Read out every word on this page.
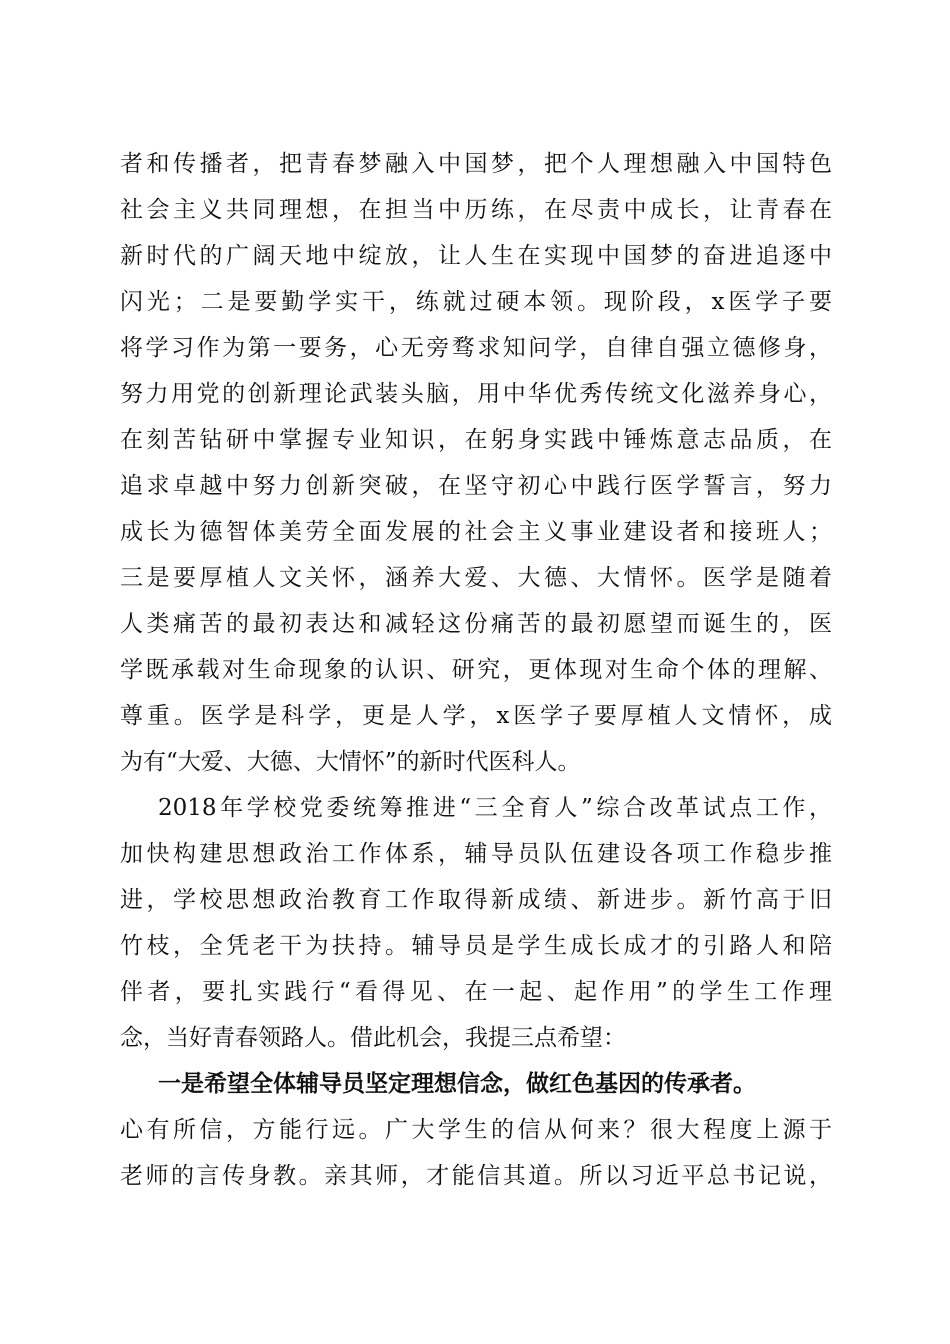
者和传播者，把青春梦融入中国梦，把个人理想融入中国特色
社会主义共同理想，在担当中历练，在尽责中成长，让青春在
新时代的广阔天地中绽放，让人生在实现中国梦的奋进追逐中
闪光；二是要勤学实干，练就过硬本领。现阶段，x医学子要
将学习作为第一要务，心无旁骛求知问学，自律自强立德修身，
努力用党的创新理论武装头脑，用中华优秀传统文化滋养身心，
在刻苦钻研中掌握专业知识，在躬身实践中锤炼意志品质，在
追求卓越中努力创新突破，在坚守初心中践行医学誓言，努力
成长为德智体美劳全面发展的社会主义事业建设者和接班人；
三是要厚植人文关怀，涵养大爱、大德、大情怀。医学是随着
人类痛苦的最初表达和减轻这份痛苦的最初愿望而诞生的，医
学既承载对生命现象的认识、研究，更体现对生命个体的理解、
尊重。医学是科学，更是人学，x医学子要厚植人文情怀，成
为有“大爱、大德、大情怀”的新时代医科人。
2018年学校党委统筹推进“三全育人”综合改革试点工作，
加快构建思想政治工作体系，辅导员队伍建设各项工作稳步推
进，学校思想政治教育工作取得新成绩、新进步。新竹高于旧
竹枝，全凭老干为扶持。辅导员是学生成长成才的引路人和陪
伴者，要扎实践行“看得见、在一起、起作用”的学生工作理
念，当好青春领路人。借此机会，我提三点希望：
一是希望全体辅导员坚定理想信念，做红色基因的传承者。
心有所信，方能行远。广大学生的信从何来？很大程度上源于
老师的言传身教。亲其师，才能信其道。所以习近平总书记说，
